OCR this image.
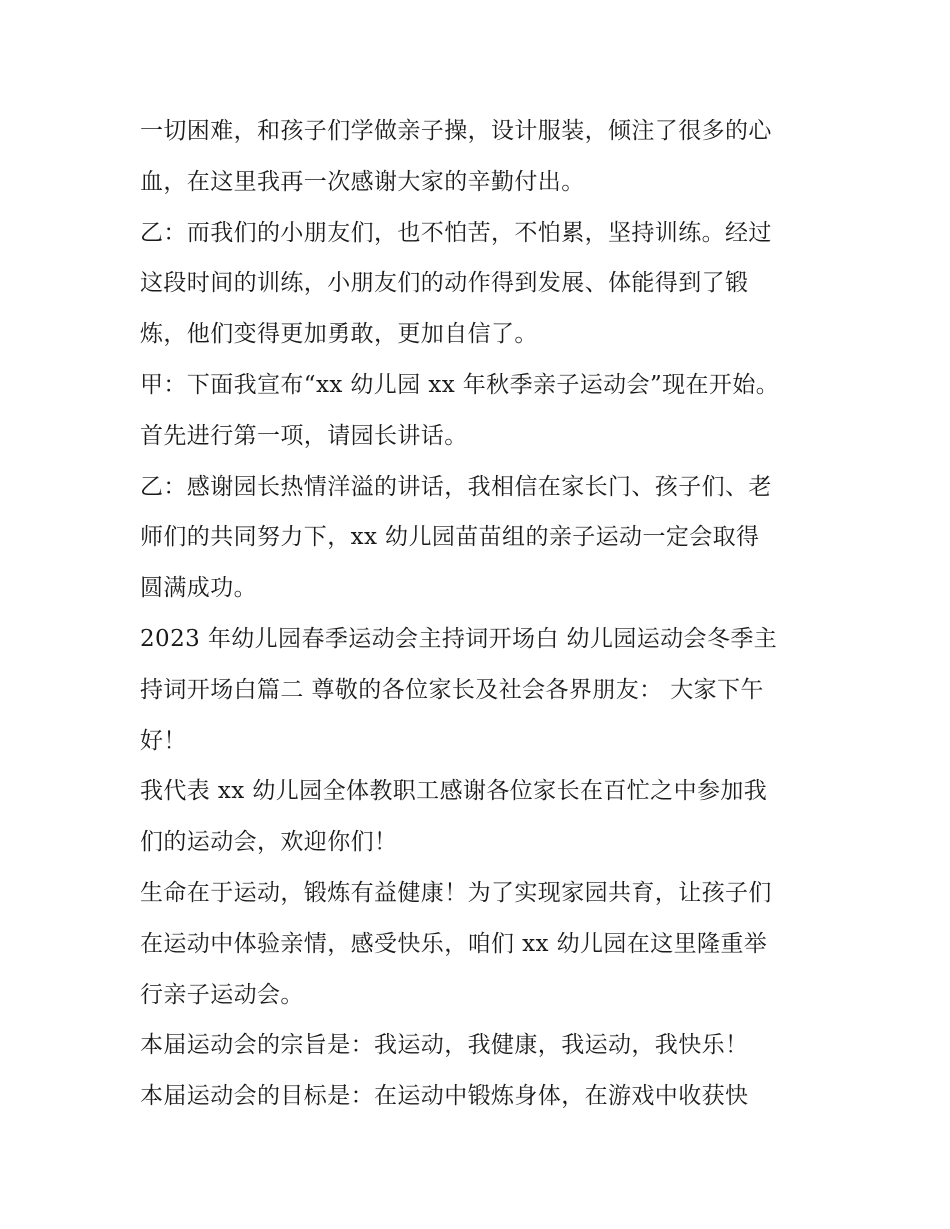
一切困难，和孩子们学做亲子操，设计服装，倾注了很多的心
血，在这里我再一次感谢大家的辛勤付出。
乙：而我们的小朋友们，也不怕苦，不怕累，坚持训练。经过
这段时间的训练，小朋友们的动作得到发展、体能得到了锻
炼，他们变得更加勇敢，更加自信了。
甲：下面我宣布“xx 幼儿园 xx 年秋季亲子运动会”现在开始。
首先进行第一项，请园长讲话。
乙：感谢园长热情洋溢的讲话，我相信在家长门、孩子们、老
师们的共同努力下，xx 幼儿园苗苗组的亲子运动一定会取得
圆满成功。
2023 年幼儿园春季运动会主持词开场白 幼儿园运动会冬季主
持词开场白篇二 尊敬的各位家长及社会各界朋友： 大家下午
好！
我代表 xx 幼儿园全体教职工感谢各位家长在百忙之中参加我
们的运动会，欢迎你们！
生命在于运动，锻炼有益健康！为了实现家园共育，让孩子们
在运动中体验亲情，感受快乐，咱们 xx 幼儿园在这里隆重举
行亲子运动会。
本届运动会的宗旨是：我运动，我健康，我运动，我快乐！
本届运动会的目标是：在运动中锻炼身体，在游戏中收获快
